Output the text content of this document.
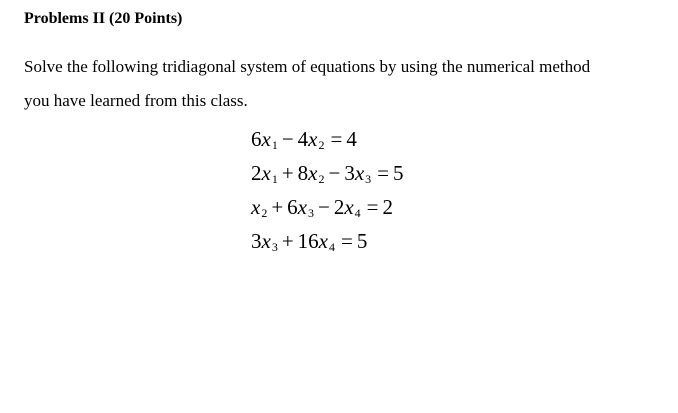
Problems II (20 Points)
Solve the following tridiagonal system of equations by using the numerical method
you have learned from this class.
$6x_1 - 4x_2 = 4$
$2x_1 + 8x_2 - 3x_3 = 5$
$x_2 + 6x_3 - 2x_4 = 2$
$3x_3 + 16x_4 = 5$
